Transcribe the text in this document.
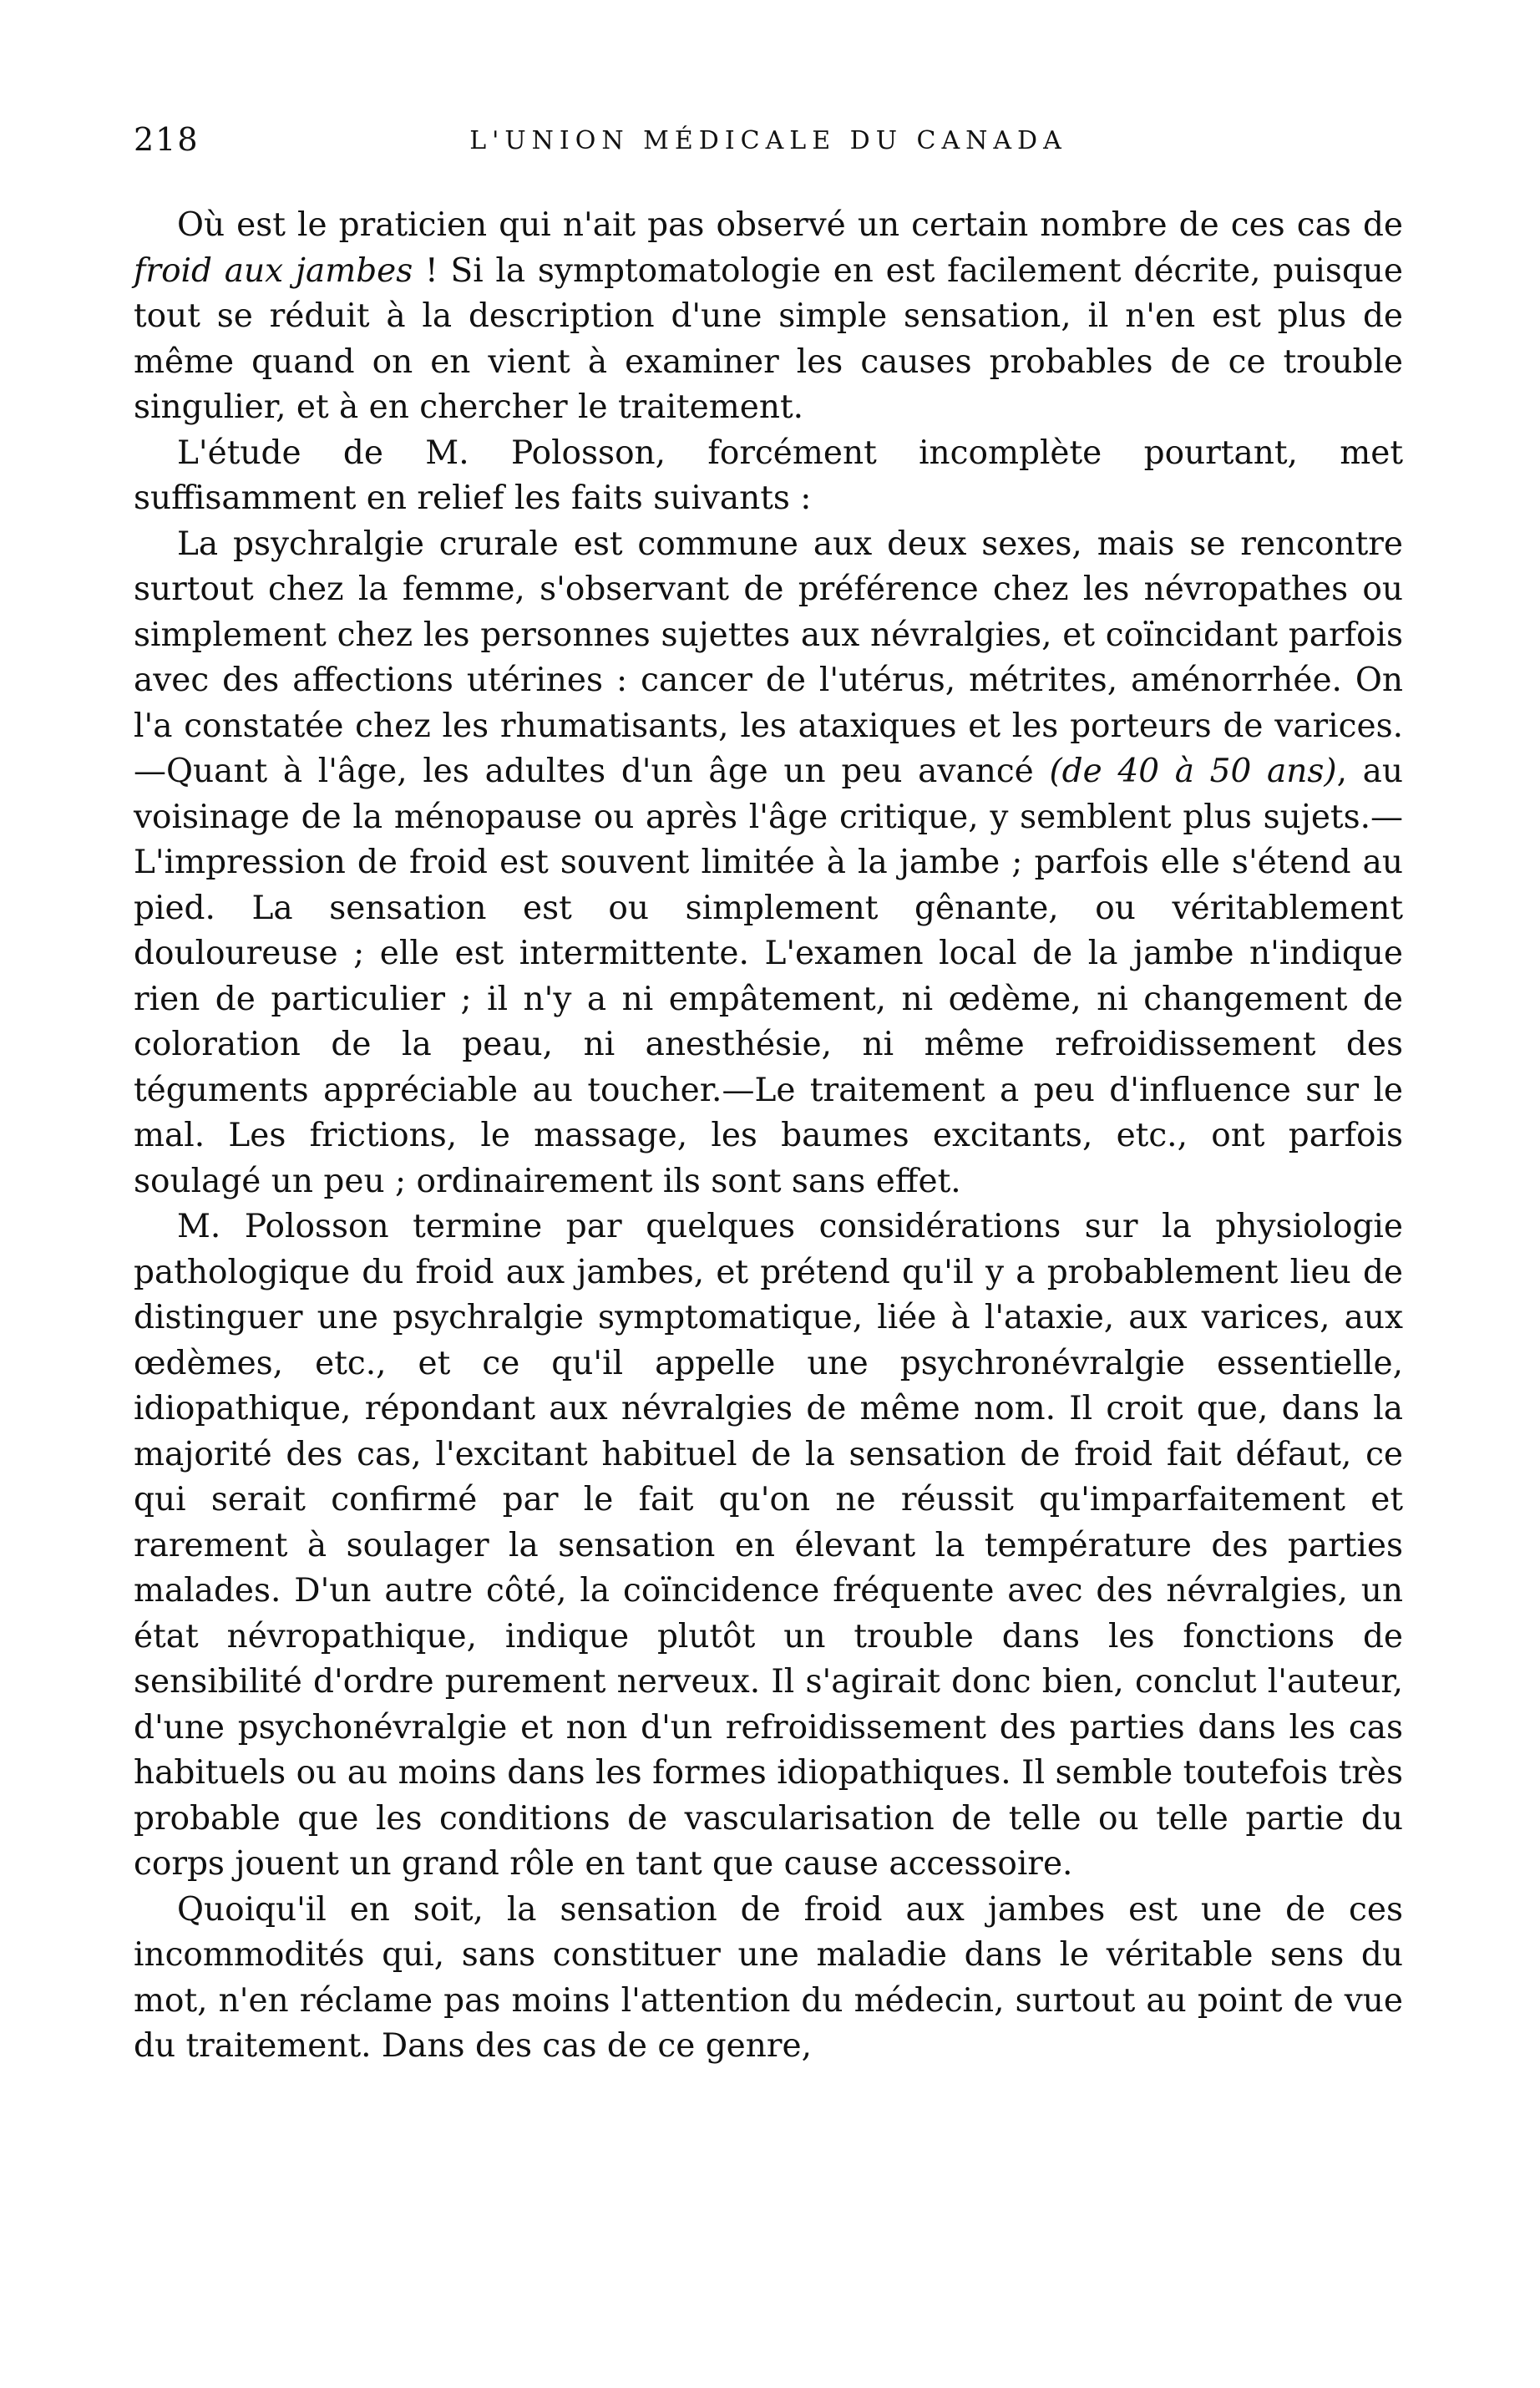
218	L'UNION MÉDICALE DU CANADA

Où est le praticien qui n'ait pas observé un certain nombre de ces cas de froid aux jambes ! Si la symptomatologie en est facilement décrite, puisque tout se réduit à la description d'une simple sensation, il n'en est plus de même quand on en vient à examiner les causes probables de ce trouble singulier, et à en chercher le traitement.

L'étude de M. Polosson, forcément incomplète pourtant, met suffisamment en relief les faits suivants :

La psychralgie crurale est commune aux deux sexes, mais se rencontre surtout chez la femme, s'observant de préférence chez les névropathes ou simplement chez les personnes sujettes aux névralgies, et coïncidant parfois avec des affections utérines : cancer de l'utérus, métrites, aménorrhée. On l'a constatée chez les rhumatisants, les ataxiques et les porteurs de varices.—Quant à l'âge, les adultes d'un âge un peu avancé (de 40 à 50 ans), au voisinage de la ménopause ou après l'âge critique, y semblent plus sujets.—L'impression de froid est souvent limitée à la jambe ; parfois elle s'étend au pied. La sensation est ou simplement gênante, ou véritablement douloureuse ; elle est intermittente. L'examen local de la jambe n'indique rien de particulier ; il n'y a ni empâtement, ni œdème, ni changement de coloration de la peau, ni anesthésie, ni même refroidissement des téguments appréciable au toucher.—Le traitement a peu d'influence sur le mal. Les frictions, le massage, les baumes excitants, etc., ont parfois soulagé un peu ; ordinairement ils sont sans effet.

M. Polosson termine par quelques considérations sur la physiologie pathologique du froid aux jambes, et prétend qu'il y a probablement lieu de distinguer une psychralgie symptomatique, liée à l'ataxie, aux varices, aux œdèmes, etc., et ce qu'il appelle une psychronévralgie essentielle, idiopathique, répondant aux névralgies de même nom. Il croit que, dans la majorité des cas, l'excitant habituel de la sensation de froid fait défaut, ce qui serait confirmé par le fait qu'on ne réussit qu'imparfaitement et rarement à soulager la sensation en élevant la température des parties malades. D'un autre côté, la coïncidence fréquente avec des névralgies, un état névropathique, indique plutôt un trouble dans les fonctions de sensibilité d'ordre purement nerveux. Il s'agirait donc bien, conclut l'auteur, d'une psychonévralgie et non d'un refroidissement des parties dans les cas habituels ou au moins dans les formes idiopathiques. Il semble toutefois très probable que les conditions de vascularisation de telle ou telle partie du corps jouent un grand rôle en tant que cause accessoire.

Quoiqu'il en soit, la sensation de froid aux jambes est une de ces incommodités qui, sans constituer une maladie dans le véritable sens du mot, n'en réclame pas moins l'attention du médecin, surtout au point de vue du traitement. Dans des cas de ce genre,
